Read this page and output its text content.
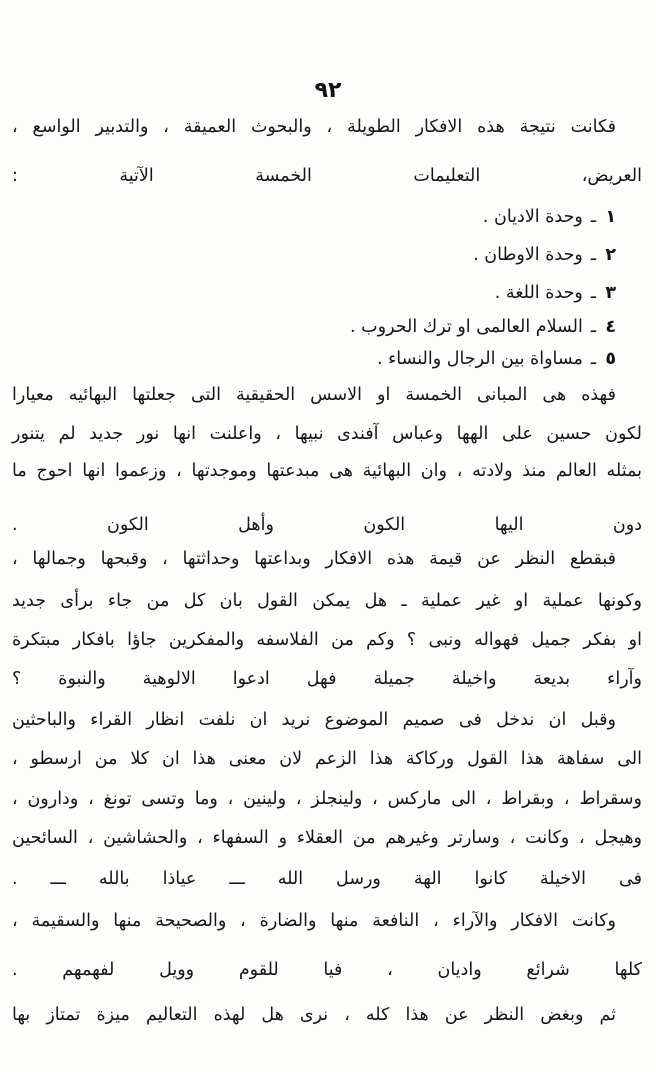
٩٢
فكانت نتيجة هذه الافكار الطويلة ، والبحوث العميقة ، والتدبير الواسع ،
العريض، التعليمات الخمسة الآتية :
١ـوحدة الاديان .
٢ـوحدة الاوطان .
٣ـوحدة اللغة .
٤ـالسلام العالمى او ترك الحروب .
٥ـمساواة بين الرجال والنساء .
فهذه هى المبانى الخمسة او الاسس الحقيقية التى جعلتها البهائيه معيارا
لكون حسين على الهها وعباس آفندى نبيها ، واعلنت انها نور جديد لم يتنور
بمثله العالم منذ ولادته ، وان البهائية هى مبدعتها وموجدتها ، وزعموا انها احوج ما
دون اليها الكون وأهل الكون .
فبقطع النظر عن قيمة هذه الافكار وبداعتها وحداثتها ، وقبحها وجمالها ،
وكونها عملية او غير عملية ـ هل يمكن القول بان كل من جاء برأى جديد
او بفكر جميل فهواله ونبى ؟ وكم من الفلاسفه والمفكرين جاؤا بافكار مبتكرة
وآراء بديعة واخيلة جميلة فهل ادعوا الالوهية والنبوة ؟
وقبل ان ندخل فى صميم الموضوع نريد ان نلفت انظار القراء والباحثين
الى سفاهة هذا القول وركاكة هذا الزعم لان معنى هذا ان كلا من ارسطو ،
وسقراط ، وبقراط ، الى ماركس ، ولينجلز ، ولينين ، وما وتسى تونغ ، ودارون ،
وهيجل ، وكانت ، وسارتر وغيرهم من العقلاء و السفهاء ، والحشاشين ، السائحين
فى الاخيلة كانوا الهة ورسل الله ـــ عياذا بالله ـــ .
وكانت الافكار والآراء ، النافعة منها والضارة ، والصحيحة منها والسقيمة ،
كلها شرائع واديان ، فيا للقوم وويل لفهمهم .
ثم وبغض النظر عن هذا كله ، نرى هل لهذه التعاليم ميزة تمتاز بها
